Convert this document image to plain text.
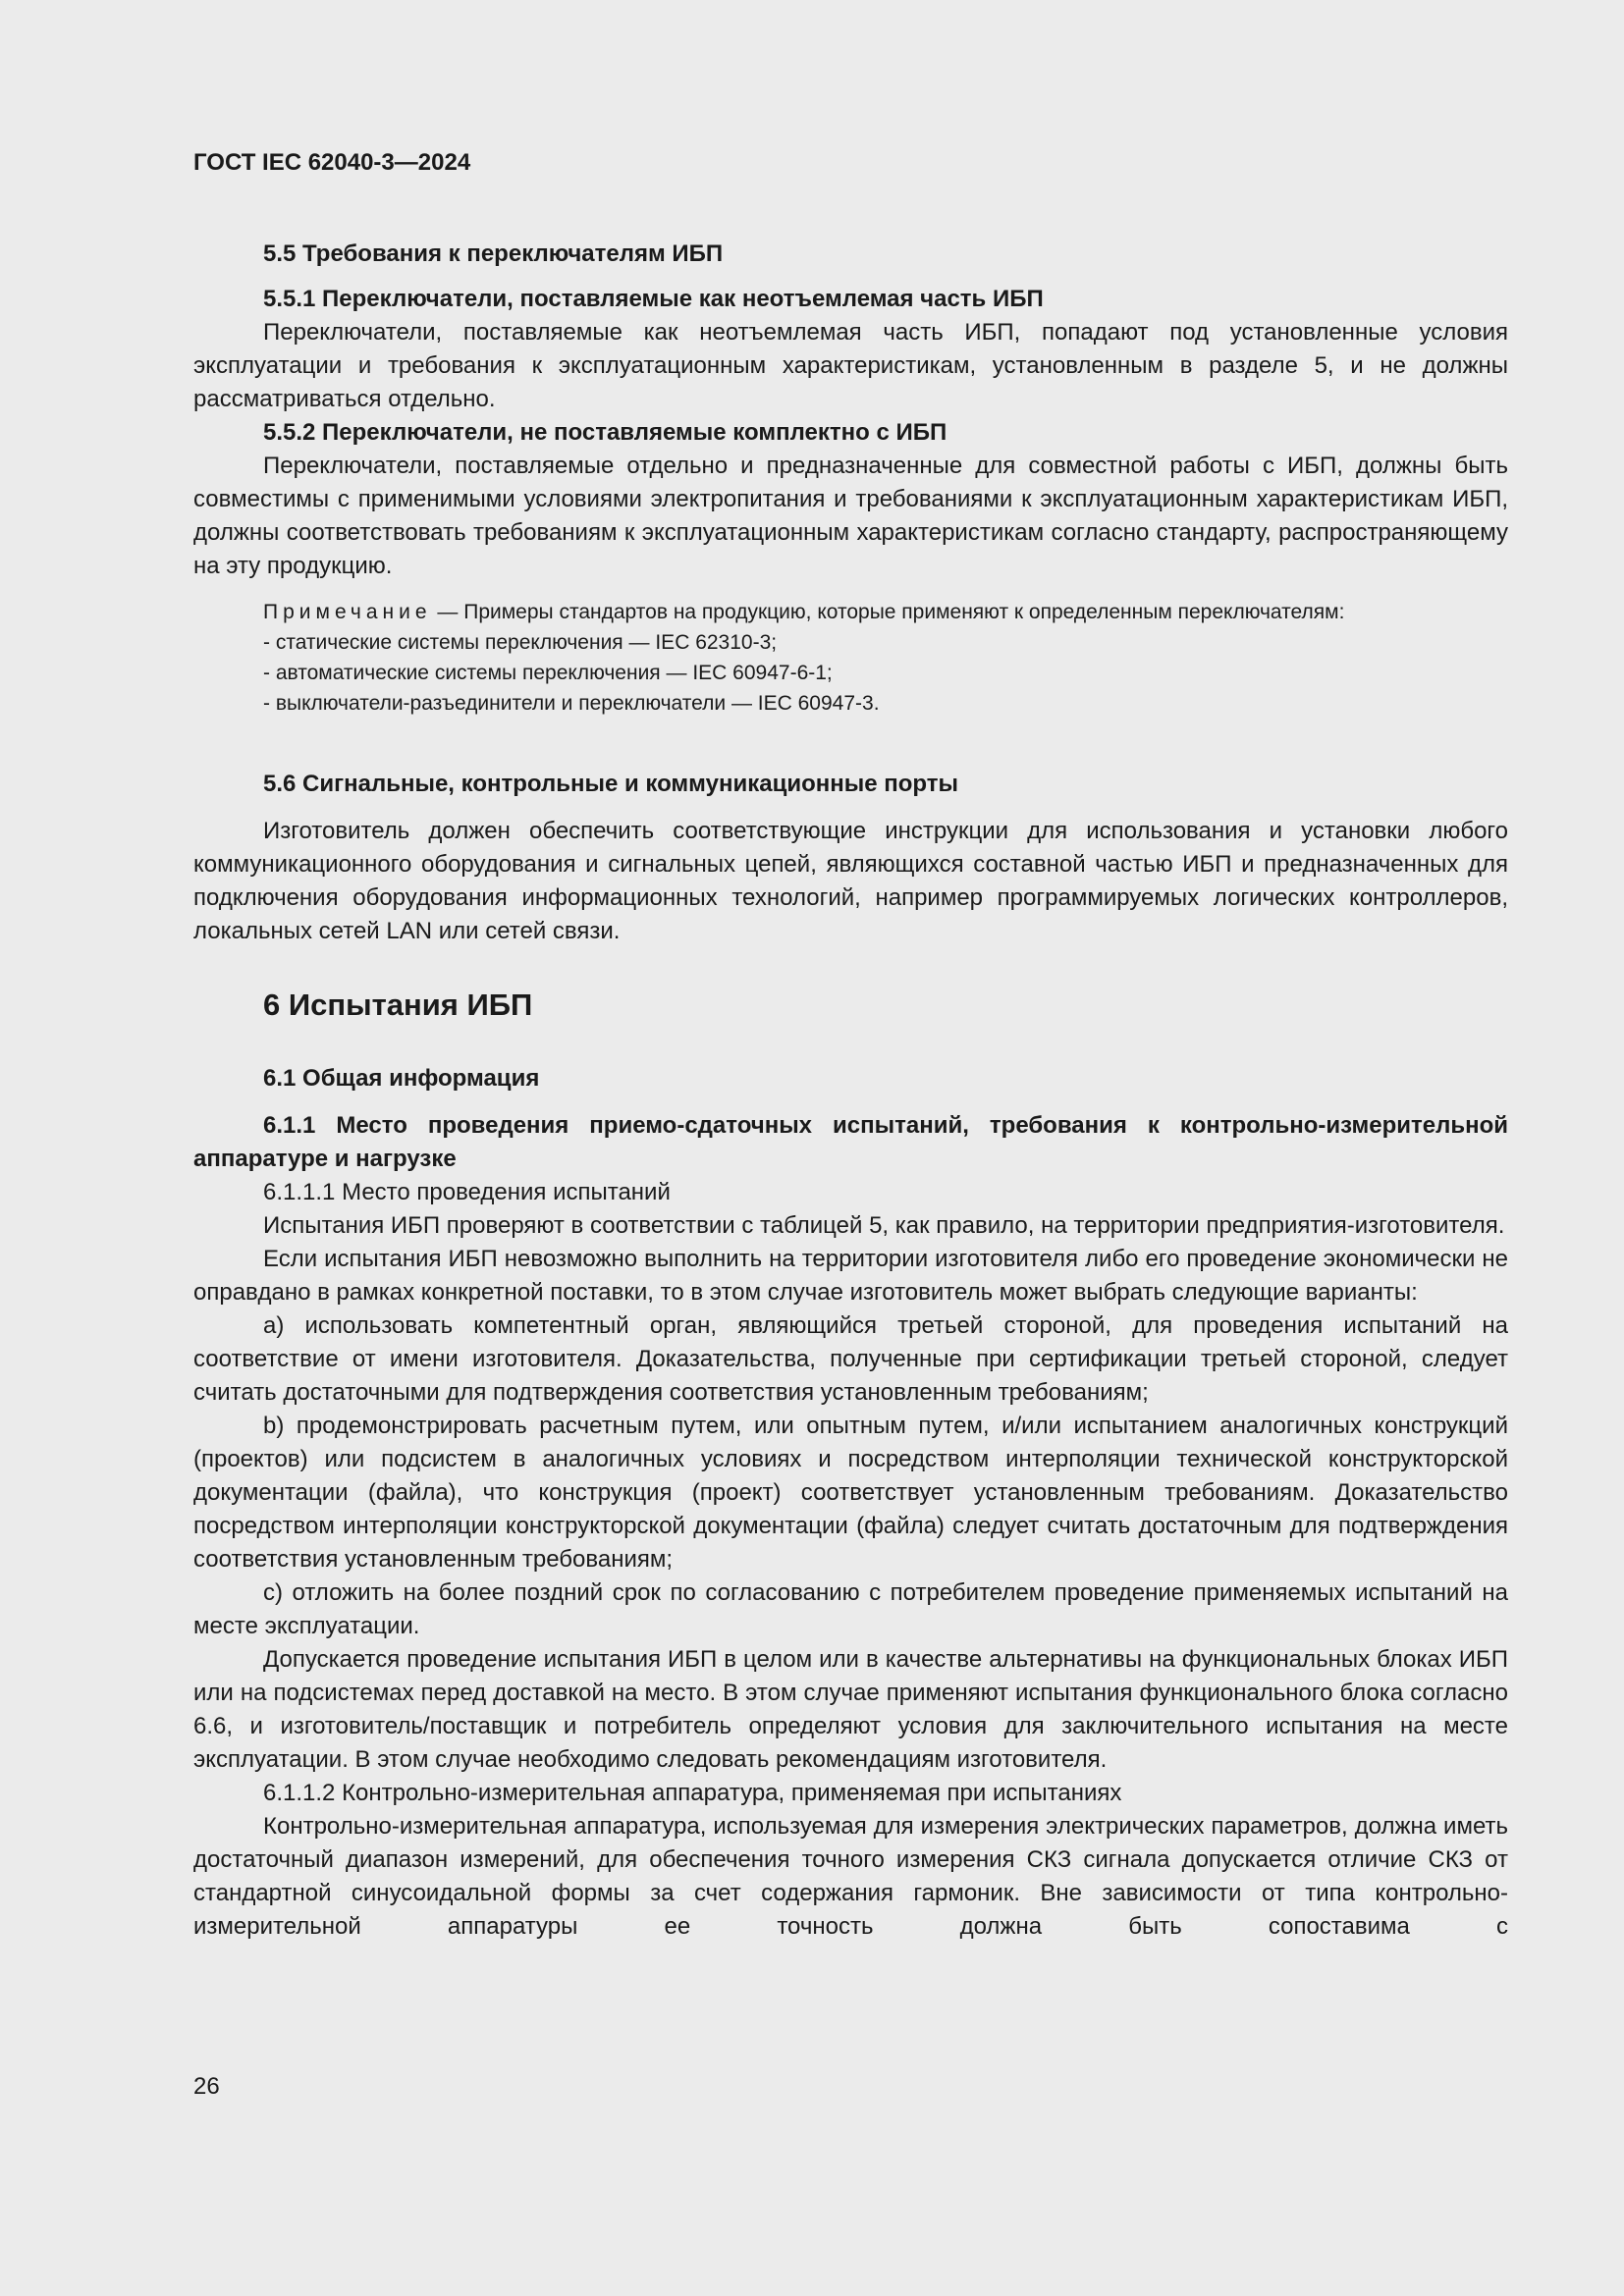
ГОСТ IEC 62040-3—2024
5.5 Требования к переключателям ИБП
5.5.1 Переключатели, поставляемые как неотъемлемая часть ИБП

Переключатели, поставляемые как неотъемлемая часть ИБП, попадают под установленные условия эксплуатации и требования к эксплуатационным характеристикам, установленным в разделе 5, и не должны рассматриваться отдельно.

5.5.2 Переключатели, не поставляемые комплектно с ИБП

Переключатели, поставляемые отдельно и предназначенные для совместной работы с ИБП, должны быть совместимы с применимыми условиями электропитания и требованиями к эксплуатационным характеристикам ИБП, должны соответствовать требованиям к эксплуатационным характеристикам согласно стандарту, распространяющему на эту продукцию.

Примечание — Примеры стандартов на продукцию, которые применяют к определенным переключателям:

- статические системы переключения — IEC 62310-3;
- автоматические системы переключения — IEC 60947-6-1;
- выключатели-разъединители и переключатели — IEC 60947-3.
5.6 Сигнальные, контрольные и коммуникационные порты

Изготовитель должен обеспечить соответствующие инструкции для использования и установки любого коммуникационного оборудования и сигнальных цепей, являющихся составной частью ИБП и предназначенных для подключения оборудования информационных технологий, например программируемых логических контроллеров, локальных сетей LAN или сетей связи.

6 Испытания ИБП
6.1 Общая информация
6.1.1 Место проведения приемо-сдаточных испытаний, требования к контрольно-измерительной аппаратуре и нагрузке

6.1.1.1 Место проведения испытаний

Испытания ИБП проверяют в соответствии с таблицей 5, как правило, на территории предприятия-изготовителя.

Если испытания ИБП невозможно выполнить на территории изготовителя либо его проведение экономически не оправдано в рамках конкретной поставки, то в этом случае изготовитель может выбрать следующие варианты:

a) использовать компетентный орган, являющийся третьей стороной, для проведения испытаний на соответствие от имени изготовителя. Доказательства, полученные при сертификации третьей стороной, следует считать достаточными для подтверждения соответствия установленным требованиям;

b) продемонстрировать расчетным путем, или опытным путем, и/или испытанием аналогичных конструкций (проектов) или подсистем в аналогичных условиях и посредством интерполяции технической конструкторской документации (файла), что конструкция (проект) соответствует установленным требованиям. Доказательство посредством интерполяции конструкторской документации (файла) следует считать достаточным для подтверждения соответствия установленным требованиям;

c) отложить на более поздний срок по согласованию с потребителем проведение применяемых испытаний на месте эксплуатации.

Допускается проведение испытания ИБП в целом или в качестве альтернативы на функциональных блоках ИБП или на подсистемах перед доставкой на место. В этом случае применяют испытания функционального блока согласно 6.6, и изготовитель/поставщик и потребитель определяют условия для заключительного испытания на месте эксплуатации. В этом случае необходимо следовать рекомендациям изготовителя.

6.1.1.2 Контрольно-измерительная аппаратура, применяемая при испытаниях

Контрольно-измерительная аппаратура, используемая для измерения электрических параметров, должна иметь достаточный диапазон измерений, для обеспечения точного измерения СКЗ сигнала допускается отличие СКЗ от стандартной синусоидальной формы за счет содержания гармоник. Вне зависимости от типа контрольно-измерительной аппаратуры ее точность должна быть сопоставима с

26
